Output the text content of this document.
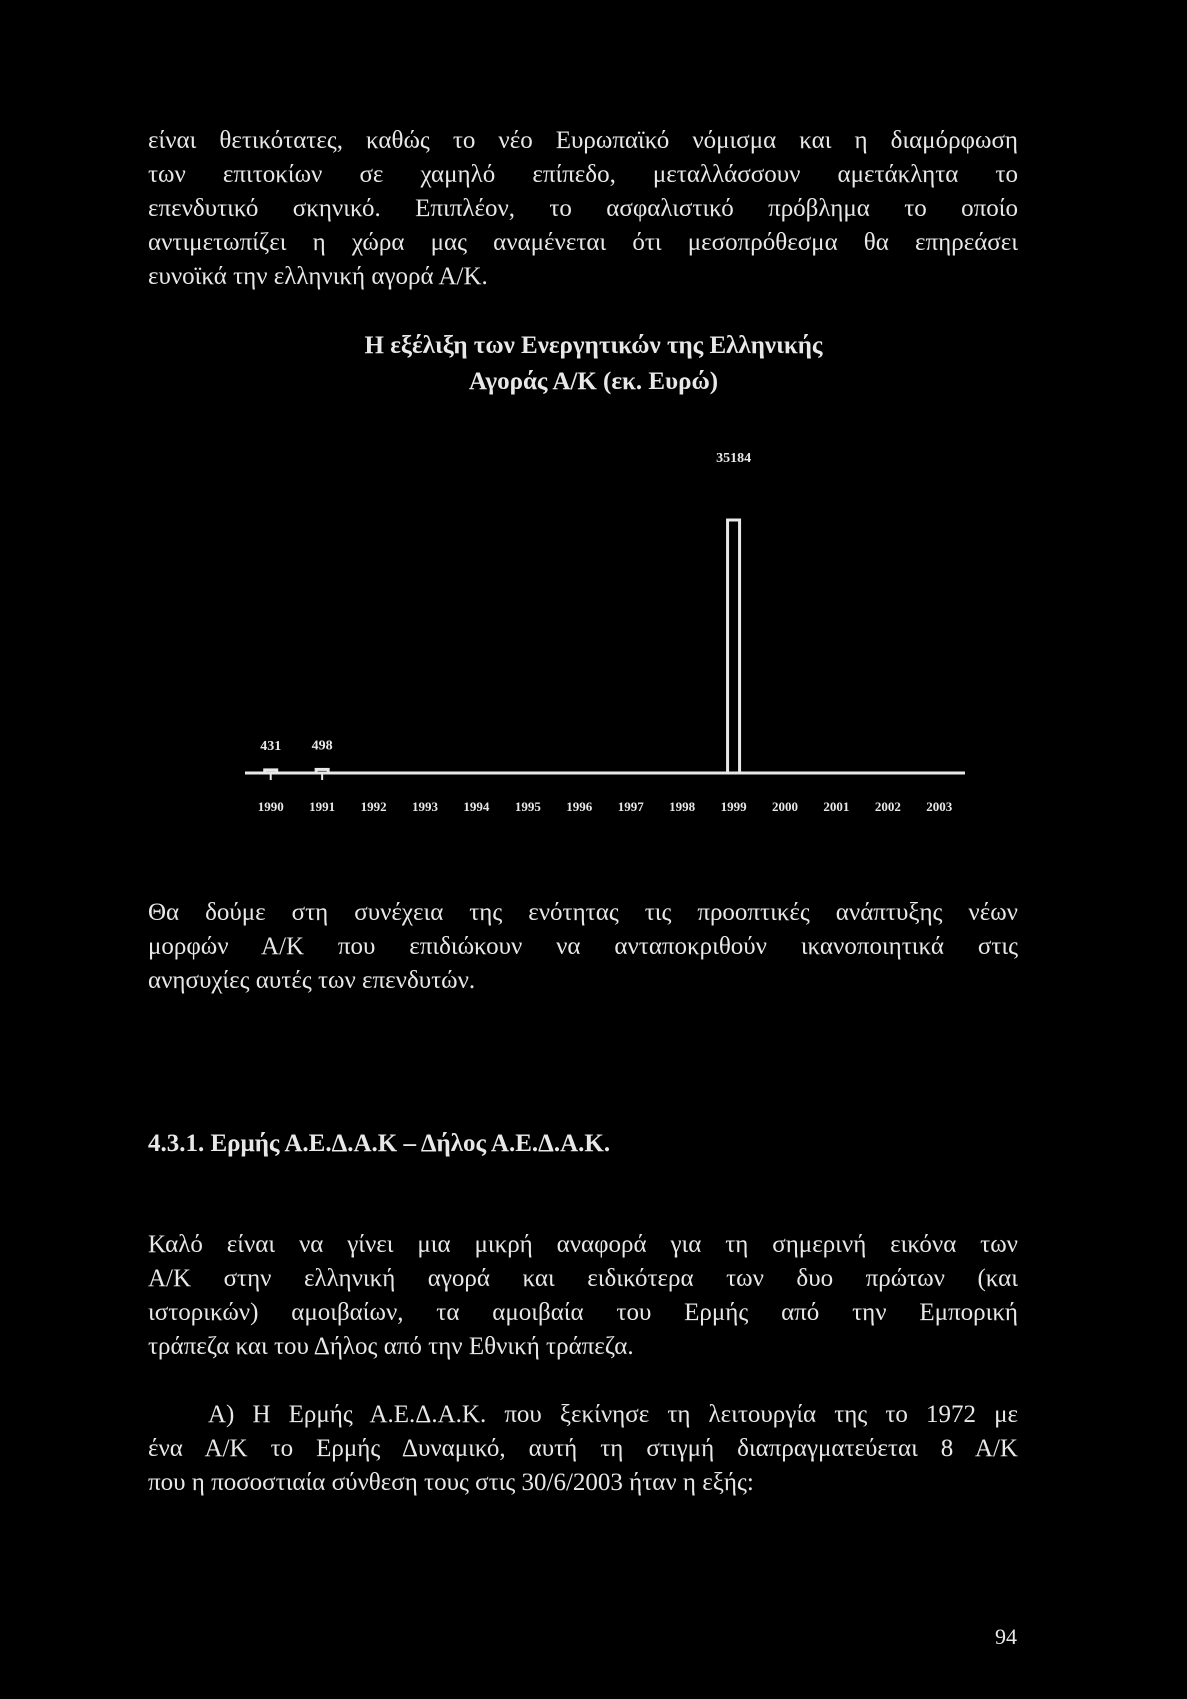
είναι θετικότατες, καθώς το νέο Ευρωπαϊκό νόμισμα και η διαμόρφωση
των επιτοκίων σε χαμηλό επίπεδο, μεταλλάσσουν αμετάκλητα το
επενδυτικό σκηνικό. Επιπλέον, το ασφαλιστικό πρόβλημα το οποίο
αντιμετωπίζει η χώρα μας αναμένεται ότι μεσοπρόθεσμα θα επηρεάσει
ευνοϊκά την ελληνική αγορά Α/Κ.
Η εξέλιξη των Ενεργητικών της Ελληνικής
Αγοράς Α/Κ (εκ. Ευρώ)
1990 1991 1992 1993 1994 1995 1996 1997 1998 1999 2000 2001 2002 2003
431 498
35184
Θα δούμε στη συνέχεια της ενότητας τις προοπτικές ανάπτυξης νέων
μορφών Α/Κ που επιδιώκουν να ανταποκριθούν ικανοποιητικά στις
ανησυχίες αυτές των επενδυτών.
4.3.1. Ερμής Α.Ε.Δ.Α.Κ – Δήλος Α.Ε.Δ.Α.Κ.
Καλό είναι να γίνει μια μικρή αναφορά για τη σημερινή εικόνα των
Α/Κ στην ελληνική αγορά και ειδικότερα των δυο πρώτων (και
ιστορικών) αμοιβαίων, τα αμοιβαία του Ερμής από την Εμπορική
τράπεζα και του Δήλος από την Εθνική τράπεζα.
Α) Η Ερμής Α.Ε.Δ.Α.Κ. που ξεκίνησε τη λειτουργία της το 1972 με
ένα Α/Κ το Ερμής Δυναμικό, αυτή τη στιγμή διαπραγματεύεται 8 Α/Κ
που η ποσοστιαία σύνθεση τους στις 30/6/2003 ήταν η εξής:
94
